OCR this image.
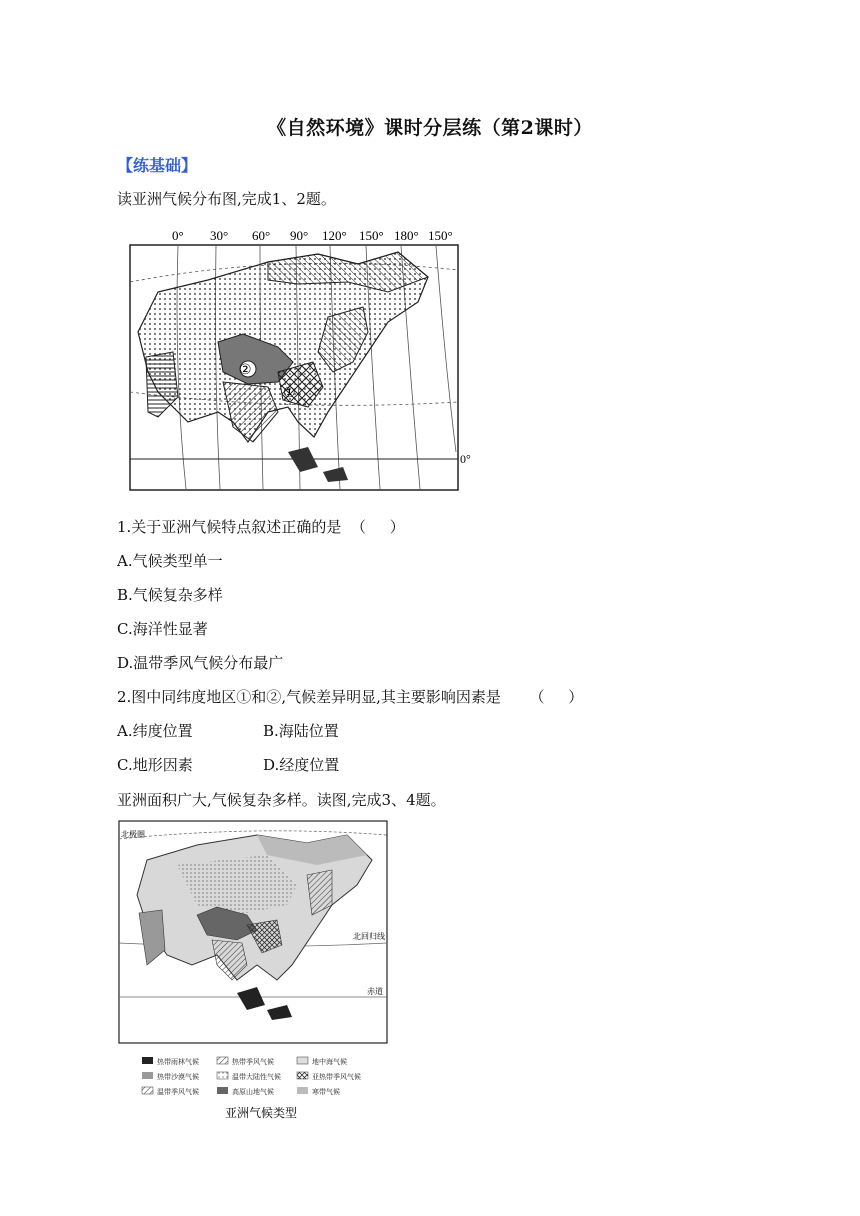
《自然环境》课时分层练（第2课时）
【练基础】
读亚洲气候分布图,完成1、2题。
0° 30° 60° 90° 120° 150° 180° 150°
②
①
0°
1.关于亚洲气候特点叙述正确的是  （     ）
A.气候类型单一
B.气候复杂多样
C.海洋性显著
D.温带季风气候分布最广
2.图中同纬度地区①和②,气候差异明显,其主要影响因素是      （     ）
A.纬度位置	B.海陆位置
C.地形因素	D.经度位置
亚洲面积广大,气候复杂多样。读图,完成3、4题。
北极圈
北回归线
赤道
热带雨林气候	热带季风气候	地中海气候
热带沙漠气候	温带大陆性气候	亚热带季风气候
温带季风气候	高原山地气候	寒带气候
亚洲气候类型
